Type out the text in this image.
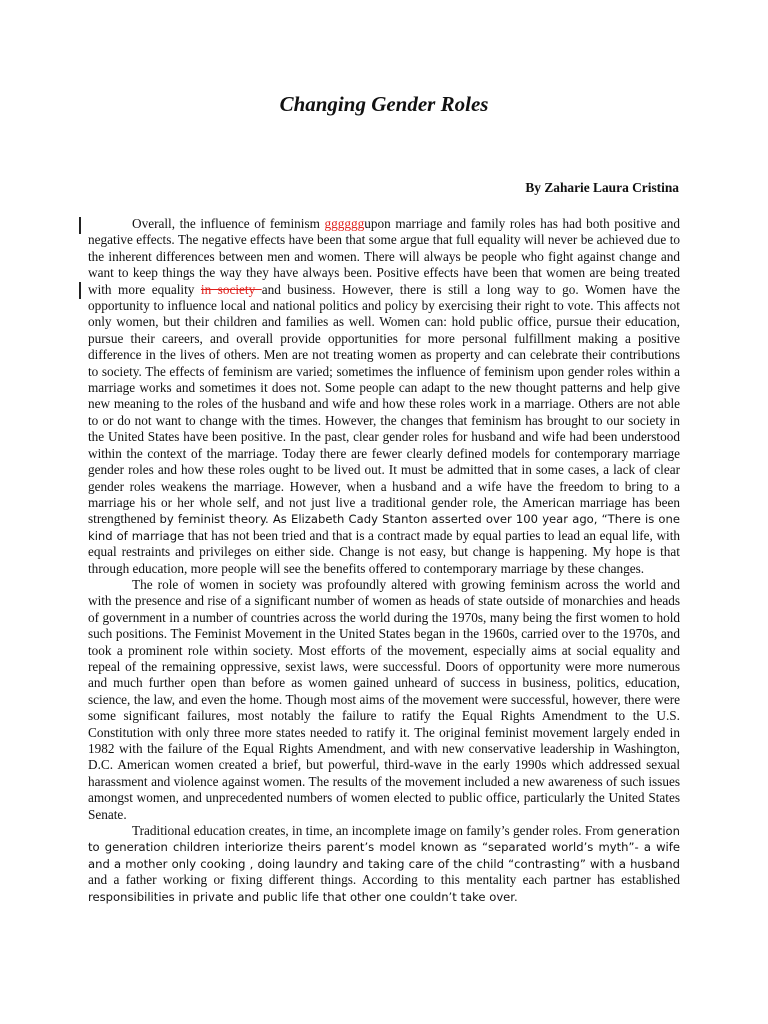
Changing Gender Roles
By Zaharie Laura Cristina

Overall, the influence of feminism ggggggupon marriage and family roles has had both positive and negative effects. The negative effects have been that some argue that full equality will never be achieved due to the inherent differences between men and women. There will always be people who fight against change and want to keep things the way they have always been. Positive effects have been that women are being treated with more equality in society and business. However, there is still a long way to go. Women have the opportunity to influence local and national politics and policy by exercising their right to vote. This affects not only women, but their children and families as well. Women can: hold public office, pursue their education, pursue their careers, and overall provide opportunities for more personal fulfillment making a positive difference in the lives of others. Men are not treating women as property and can celebrate their contributions to society. The effects of feminism are varied; sometimes the influence of feminism upon gender roles within a marriage works and sometimes it does not. Some people can adapt to the new thought patterns and help give new meaning to the roles of the husband and wife and how these roles work in a marriage. Others are not able to or do not want to change with the times. However, the changes that feminism has brought to our society in the United States have been positive. In the past, clear gender roles for husband and wife had been understood within the context of the marriage. Today there are fewer clearly defined models for contemporary marriage gender roles and how these roles ought to be lived out. It must be admitted that in some cases, a lack of clear gender roles weakens the marriage. However, when a husband and a wife have the freedom to bring to a marriage his or her whole self, and not just live a traditional gender role, the American marriage has been strengthened by feminist theory. As Elizabeth Cady Stanton asserted over 100 year ago, “There is one kind of marriage that has not been tried and that is a contract made by equal parties to lead an equal life, with equal restraints and privileges on either side. Change is not easy, but change is happening. My hope is that through education, more people will see the benefits offered to contemporary marriage by these changes.

The role of women in society was profoundly altered with growing feminism across the world and with the presence and rise of a significant number of women as heads of state outside of monarchies and heads of government in a number of countries across the world during the 1970s, many being the first women to hold such positions. The Feminist Movement in the United States began in the 1960s, carried over to the 1970s, and took a prominent role within society. Most efforts of the movement, especially aims at social equality and repeal of the remaining oppressive, sexist laws, were successful. Doors of opportunity were more numerous and much further open than before as women gained unheard of success in business, politics, education, science, the law, and even the home. Though most aims of the movement were successful, however, there were some significant failures, most notably the failure to ratify the Equal Rights Amendment to the U.S. Constitution with only three more states needed to ratify it. The original feminist movement largely ended in 1982 with the failure of the Equal Rights Amendment, and with new conservative leadership in Washington, D.C. American women created a brief, but powerful, third-wave in the early 1990s which addressed sexual harassment and violence against women. The results of the movement included a new awareness of such issues amongst women, and unprecedented numbers of women elected to public office, particularly the United States Senate.

Traditional education creates, in time, an incomplete image on family’s gender roles. From generation to generation children interiorize theirs parent’s model known as “separated world’s myth”- a wife and a mother only cooking , doing laundry and taking care of the child “contrasting” with a husband and a father working or fixing different things. According to this mentality each partner has established responsibilities in private and public life that other one couldn’t take over.
